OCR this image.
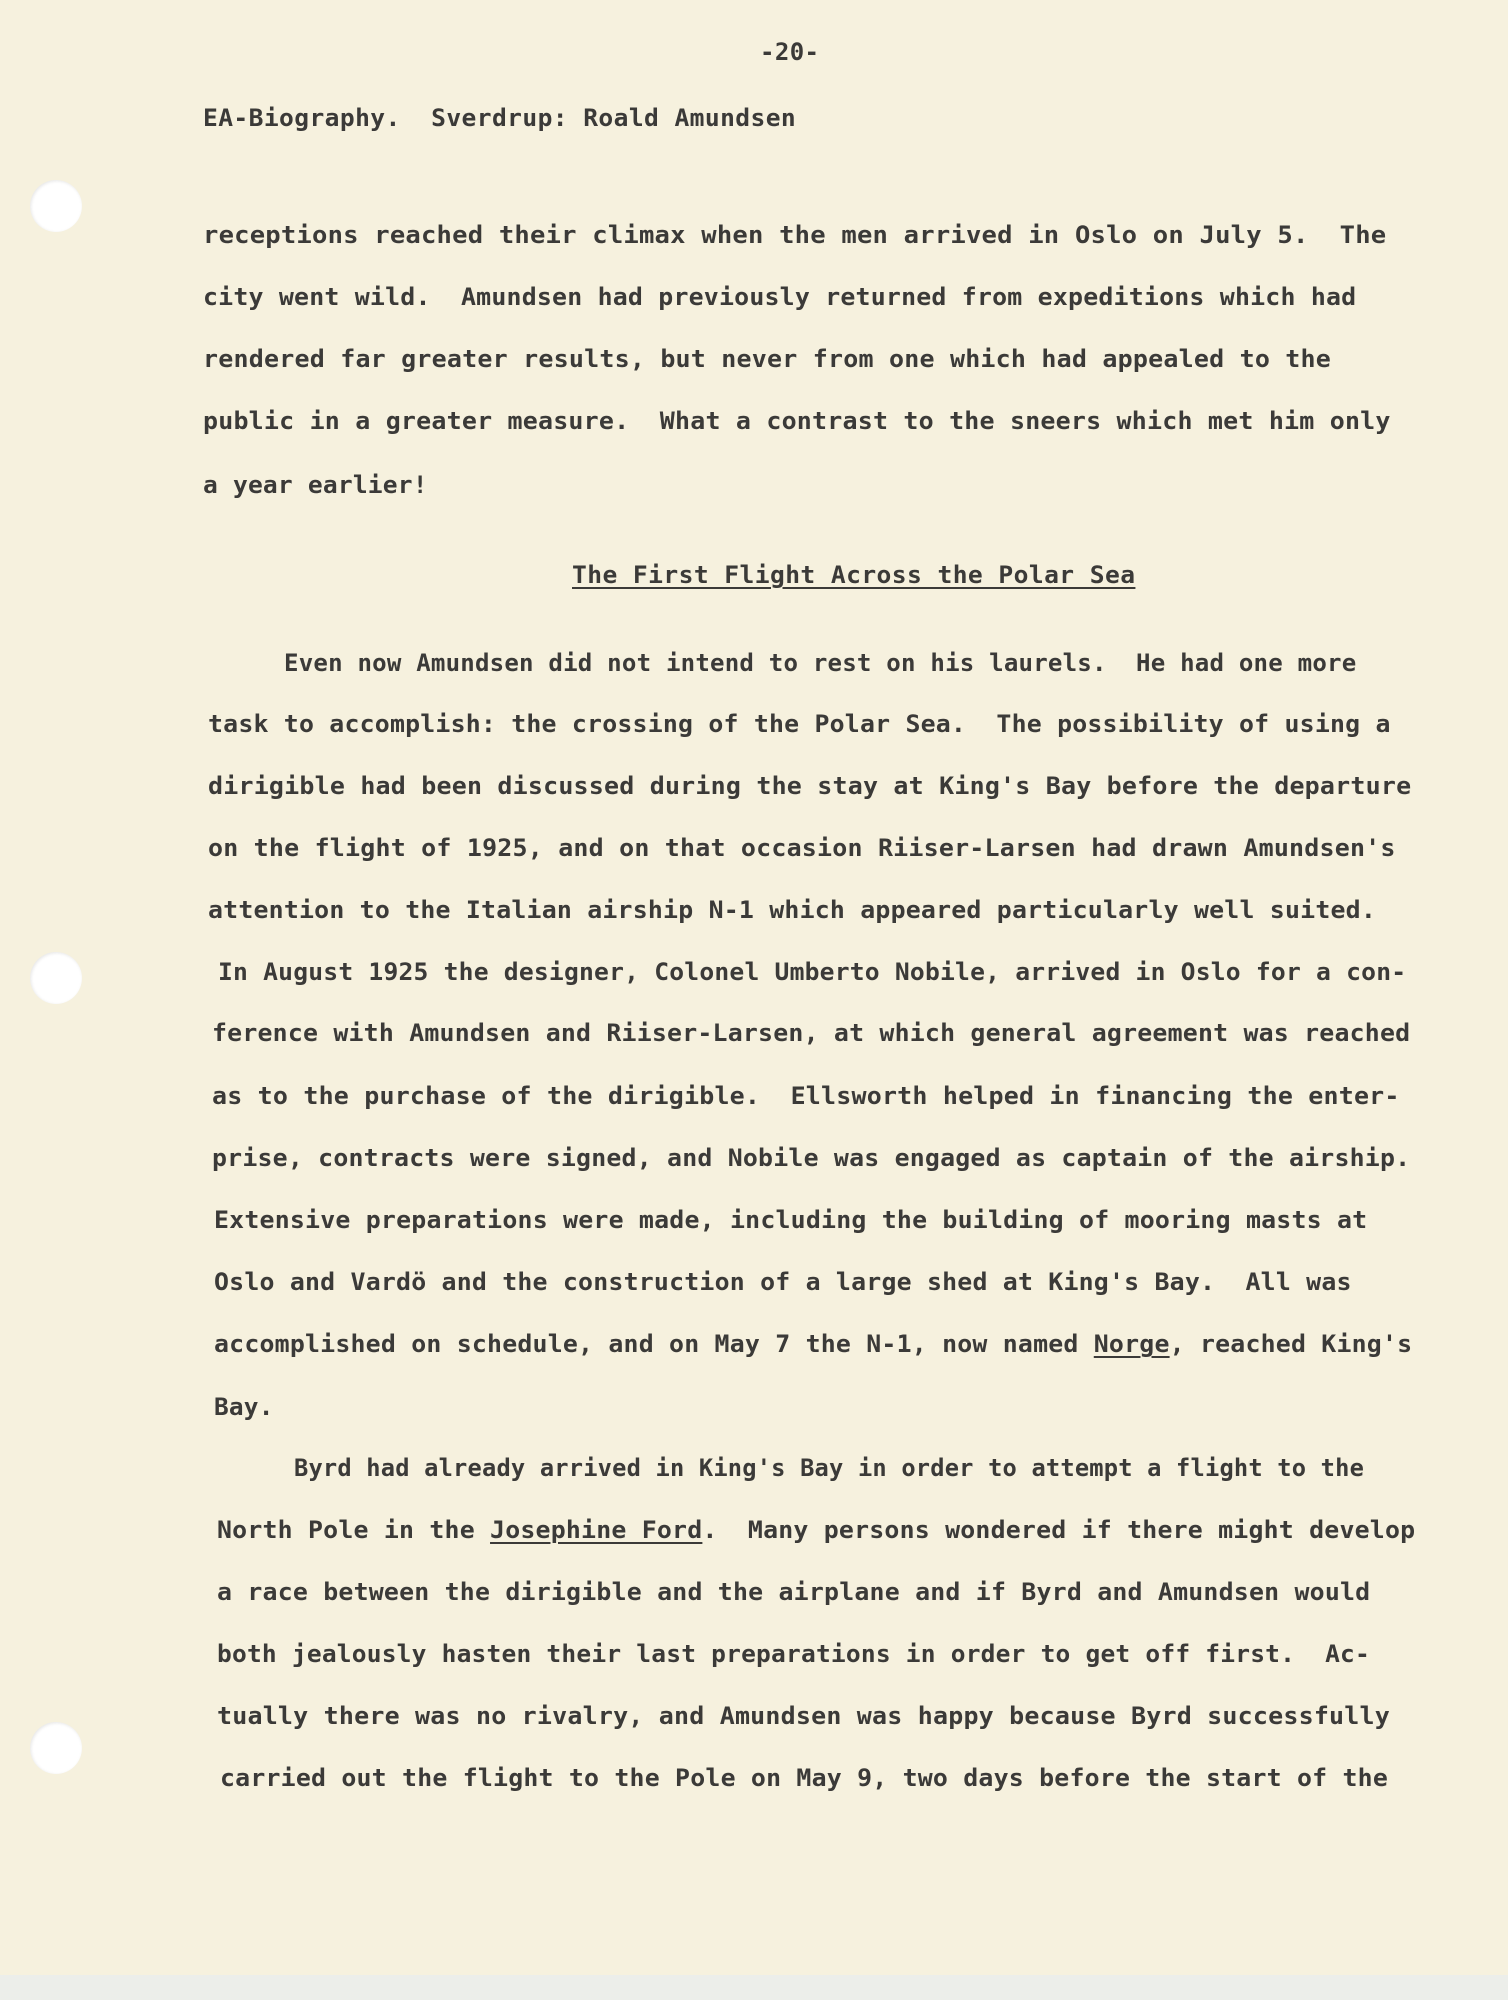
-20-
EA-Biography.  Sverdrup: Roald Amundsen
receptions reached their climax when the men arrived in Oslo on July 5.  The
city went wild.  Amundsen had previously returned from expeditions which had
rendered far greater results, but never from one which had appealed to the
public in a greater measure.  What a contrast to the sneers which met him only
a year earlier!
The First Flight Across the Polar Sea
Even now Amundsen did not intend to rest on his laurels.  He had one more
task to accomplish: the crossing of the Polar Sea.  The possibility of using a
dirigible had been discussed during the stay at King's Bay before the departure
on the flight of 1925, and on that occasion Riiser-Larsen had drawn Amundsen's
attention to the Italian airship N-1 which appeared particularly well suited.
In August 1925 the designer, Colonel Umberto Nobile, arrived in Oslo for a con-
ference with Amundsen and Riiser-Larsen, at which general agreement was reached
as to the purchase of the dirigible.  Ellsworth helped in financing the enter-
prise, contracts were signed, and Nobile was engaged as captain of the airship.
Extensive preparations were made, including the building of mooring masts at
Oslo and Vardö and the construction of a large shed at King's Bay.  All was
accomplished on schedule, and on May 7 the N-1, now named Norge, reached King's
Bay.
Byrd had already arrived in King's Bay in order to attempt a flight to the
North Pole in the Josephine Ford.  Many persons wondered if there might develop
a race between the dirigible and the airplane and if Byrd and Amundsen would
both jealously hasten their last preparations in order to get off first.  Ac-
tually there was no rivalry, and Amundsen was happy because Byrd successfully
carried out the flight to the Pole on May 9, two days before the start of the
